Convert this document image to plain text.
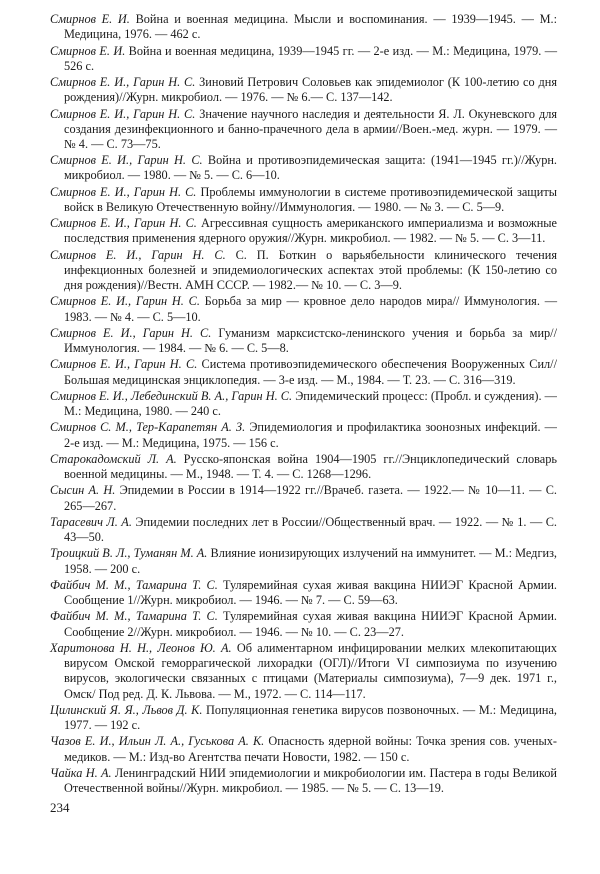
Смирнов Е. И. Война и военная медицина. Мысли и воспоминания. — 1939—1945. — М.: Медицина, 1976. — 462 с.

Смирнов Е. И. Война и военная медицина, 1939—1945 гг. — 2-е изд. — М.: Медицина, 1979. — 526 с.

Смирнов Е. И., Гарин Н. С. Зиновий Петрович Соловьев как эпидемиолог (К 100-летию со дня рождения)//Журн. микробиол. — 1976. — № 6.— С. 137—142.

Смирнов Е. И., Гарин Н. С. Значение научного наследия и деятельности Я. Л. Окуневского для создания дезинфекционного и банно-прачечного дела в армии//Воен.-мед. журн. — 1979. — № 4. — С. 73—75.

Смирнов Е. И., Гарин Н. С. Война и противоэпидемическая защита: (1941—1945 гг.)//Журн. микробиол. — 1980. — № 5. — С. 6—10.

Смирнов Е. И., Гарин Н. С. Проблемы иммунологии в системе противоэпидемической защиты войск в Великую Отечественную войну//Иммунология. — 1980. — № 3. — С. 5—9.

Смирнов Е. И., Гарин Н. С. Агрессивная сущность американского империализма и возможные последствия применения ядерного оружия//Журн. микробиол. — 1982. — № 5. — С. 3—11.

Смирнов Е. И., Гарин Н. С. С. П. Боткин о варьябельности клинического течения инфекционных болезней и эпидемиологических аспектах этой проблемы: (К 150-летию со дня рождения)//Вестн. АМН СССР. — 1982.— № 10. — С. 3—9.

Смирнов Е. И., Гарин Н. С. Борьба за мир — кровное дело народов мира// Иммунология. — 1983. — № 4. — С. 5—10.

Смирнов Е. И., Гарин Н. С. Гуманизм марксистско-ленинского учения и борьба за мир//Иммунология. — 1984. — № 6. — С. 5—8.

Смирнов Е. И., Гарин Н. С. Система противоэпидемического обеспечения Вооруженных Сил//Большая медицинская энциклопедия. — 3-е изд. — М., 1984. — Т. 23. — С. 316—319.

Смирнов Е. И., Лебединский В. А., Гарин Н. С. Эпидемический процесс: (Пробл. и суждения). — М.: Медицина, 1980. — 240 с.

Смирнов С. М., Тер-Карапетян А. З. Эпидемиология и профилактика зоонозных инфекций. — 2-е изд. — М.: Медицина, 1975. — 156 с.

Старокадомский Л. А. Русско-японская война 1904—1905 гг.//Энциклопедический словарь военной медицины. — М., 1948. — Т. 4. — С. 1268—1296.

Сысин А. Н. Эпидемии в России в 1914—1922 гг.//Врачеб. газета. — 1922.— № 10—11. — С. 265—267.

Тарасевич Л. А. Эпидемии последних лет в России//Общественный врач. — 1922. — № 1. — С. 43—50.

Троицкий В. Л., Туманян М. А. Влияние ионизирующих излучений на иммунитет. — М.: Медгиз, 1958. — 200 с.

Файбич М. М., Тамарина Т. С. Туляремийная сухая живая вакцина НИИЭГ Красной Армии. Сообщение 1//Журн. микробиол. — 1946. — № 7. — С. 59—63.

Файбич М. М., Тамарина Т. С. Туляремийная сухая живая вакцина НИИЭГ Красной Армии. Сообщение 2//Журн. микробиол. — 1946. — № 10. — С. 23—27.

Харитонова Н. Н., Леонов Ю. А. Об алиментарном инфицировании мелких млекопитающих вирусом Омской геморрагической лихорадки (ОГЛ)//Итоги VI симпозиума по изучению вирусов, экологически связанных с птицами (Материалы симпозиума), 7—9 дек. 1971 г., Омск/ Под ред. Д. К. Львова. — М., 1972. — С. 114—117.

Цилинский Я. Я., Львов Д. К. Популяционная генетика вирусов позвоночных. — М.: Медицина, 1977. — 192 с.

Чазов Е. И., Ильин Л. А., Гуськова А. К. Опасность ядерной войны: Точка зрения сов. ученых-медиков. — М.: Изд-во Агентства печати Новости, 1982. — 150 с.

Чайка Н. А. Ленинградский НИИ эпидемиологии и микробиологии им. Пастера в годы Великой Отечественной войны//Журн. микробиол. — 1985. — № 5. — С. 13—19.

234
